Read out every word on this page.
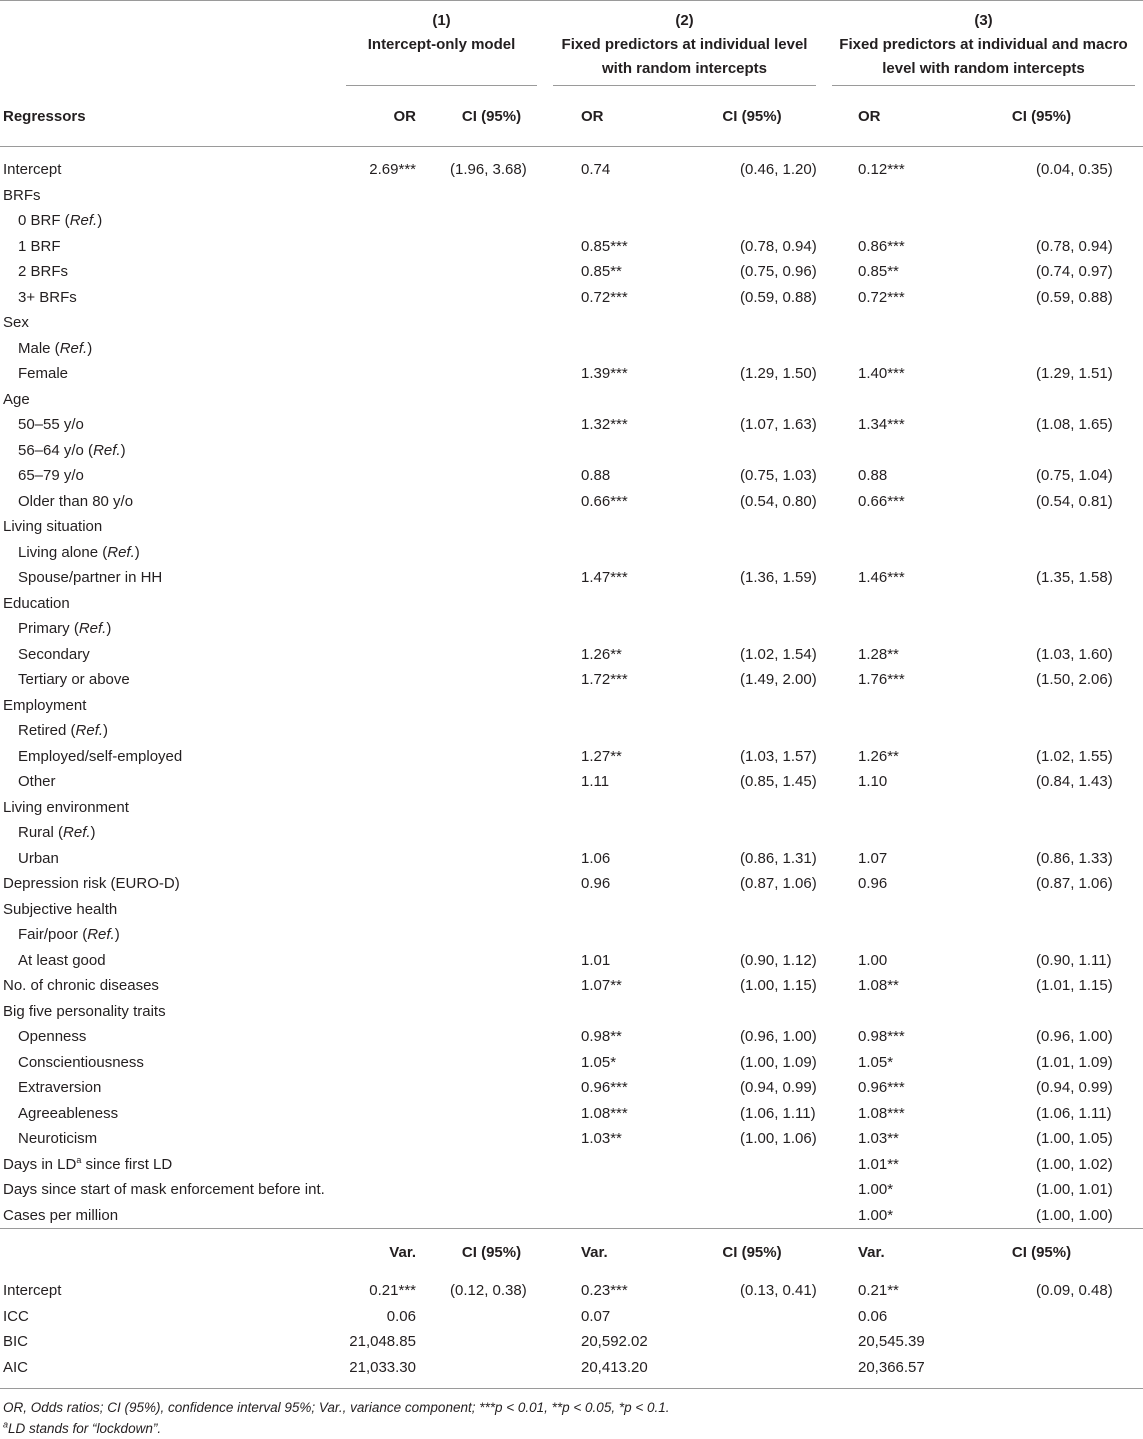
	(1)
Intercept-only model		(2)
Fixed predictors at individual level with random intercepts		(3)
Fixed predictors at individual and macro level with random intercepts	

Regressors	OR	CI (95%)	OR	CI (95%)	OR	CI (95%)
Intercept	2.69***	(1.96, 3.68)	0.74	(0.46, 1.20)	0.12***	(0.04, 0.35)
BRFs						
0 BRF (Ref.)						
1 BRF			0.85***	(0.78, 0.94)	0.86***	(0.78, 0.94)
2 BRFs			0.85**	(0.75, 0.96)	0.85**	(0.74, 0.97)
3+ BRFs			0.72***	(0.59, 0.88)	0.72***	(0.59, 0.88)
Sex						
Male (Ref.)						
Female			1.39***	(1.29, 1.50)	1.40***	(1.29, 1.51)
Age						
50–55 y/o			1.32***	(1.07, 1.63)	1.34***	(1.08, 1.65)
56–64 y/o (Ref.)						
65–79 y/o			0.88	(0.75, 1.03)	0.88	(0.75, 1.04)
Older than 80 y/o			0.66***	(0.54, 0.80)	0.66***	(0.54, 0.81)
Living situation						
Living alone (Ref.)						
Spouse/partner in HH			1.47***	(1.36, 1.59)	1.46***	(1.35, 1.58)
Education						
Primary (Ref.)						
Secondary			1.26**	(1.02, 1.54)	1.28**	(1.03, 1.60)
Tertiary or above			1.72***	(1.49, 2.00)	1.76***	(1.50, 2.06)
Employment						
Retired (Ref.)						
Employed/self-employed			1.27**	(1.03, 1.57)	1.26**	(1.02, 1.55)
Other			1.11	(0.85, 1.45)	1.10	(0.84, 1.43)
Living environment						
Rural (Ref.)						
Urban			1.06	(0.86, 1.31)	1.07	(0.86, 1.33)
Depression risk (EURO-D)			0.96	(0.87, 1.06)	0.96	(0.87, 1.06)
Subjective health						
Fair/poor (Ref.)						
At least good			1.01	(0.90, 1.12)	1.00	(0.90, 1.11)
No. of chronic diseases			1.07**	(1.00, 1.15)	1.08**	(1.01, 1.15)
Big five personality traits						
Openness			0.98**	(0.96, 1.00)	0.98***	(0.96, 1.00)
Conscientiousness			1.05*	(1.00, 1.09)	1.05*	(1.01, 1.09)
Extraversion			0.96***	(0.94, 0.99)	0.96***	(0.94, 0.99)
Agreeableness			1.08***	(1.06, 1.11)	1.08***	(1.06, 1.11)
Neuroticism			1.03**	(1.00, 1.06)	1.03**	(1.00, 1.05)
Days in $LD^a$ since first LD					1.01**	(1.00, 1.02)
Days since start of mask enforcement before int.					1.00*	(1.00, 1.01)
Cases per million					1.00*	(1.00, 1.00)

	Var.	CI (95%)	Var.	CI (95%)	Var.	CI (95%)

Intercept	0.21***	(0.12, 0.38)	0.23***	(0.13, 0.41)	0.21**	(0.09, 0.48)
ICC	0.06		0.07		0.06	
BIC	21,048.85		20,592.02		20,545.39	
AIC	21,033.30		20,413.20		20,366.57	

OR, Odds ratios; CI (95%), confidence interval 95%; Var., variance component; ***p < 0.01, **p < 0.05, *p < 0.1.
$^a$LD stands for “lockdown”.
